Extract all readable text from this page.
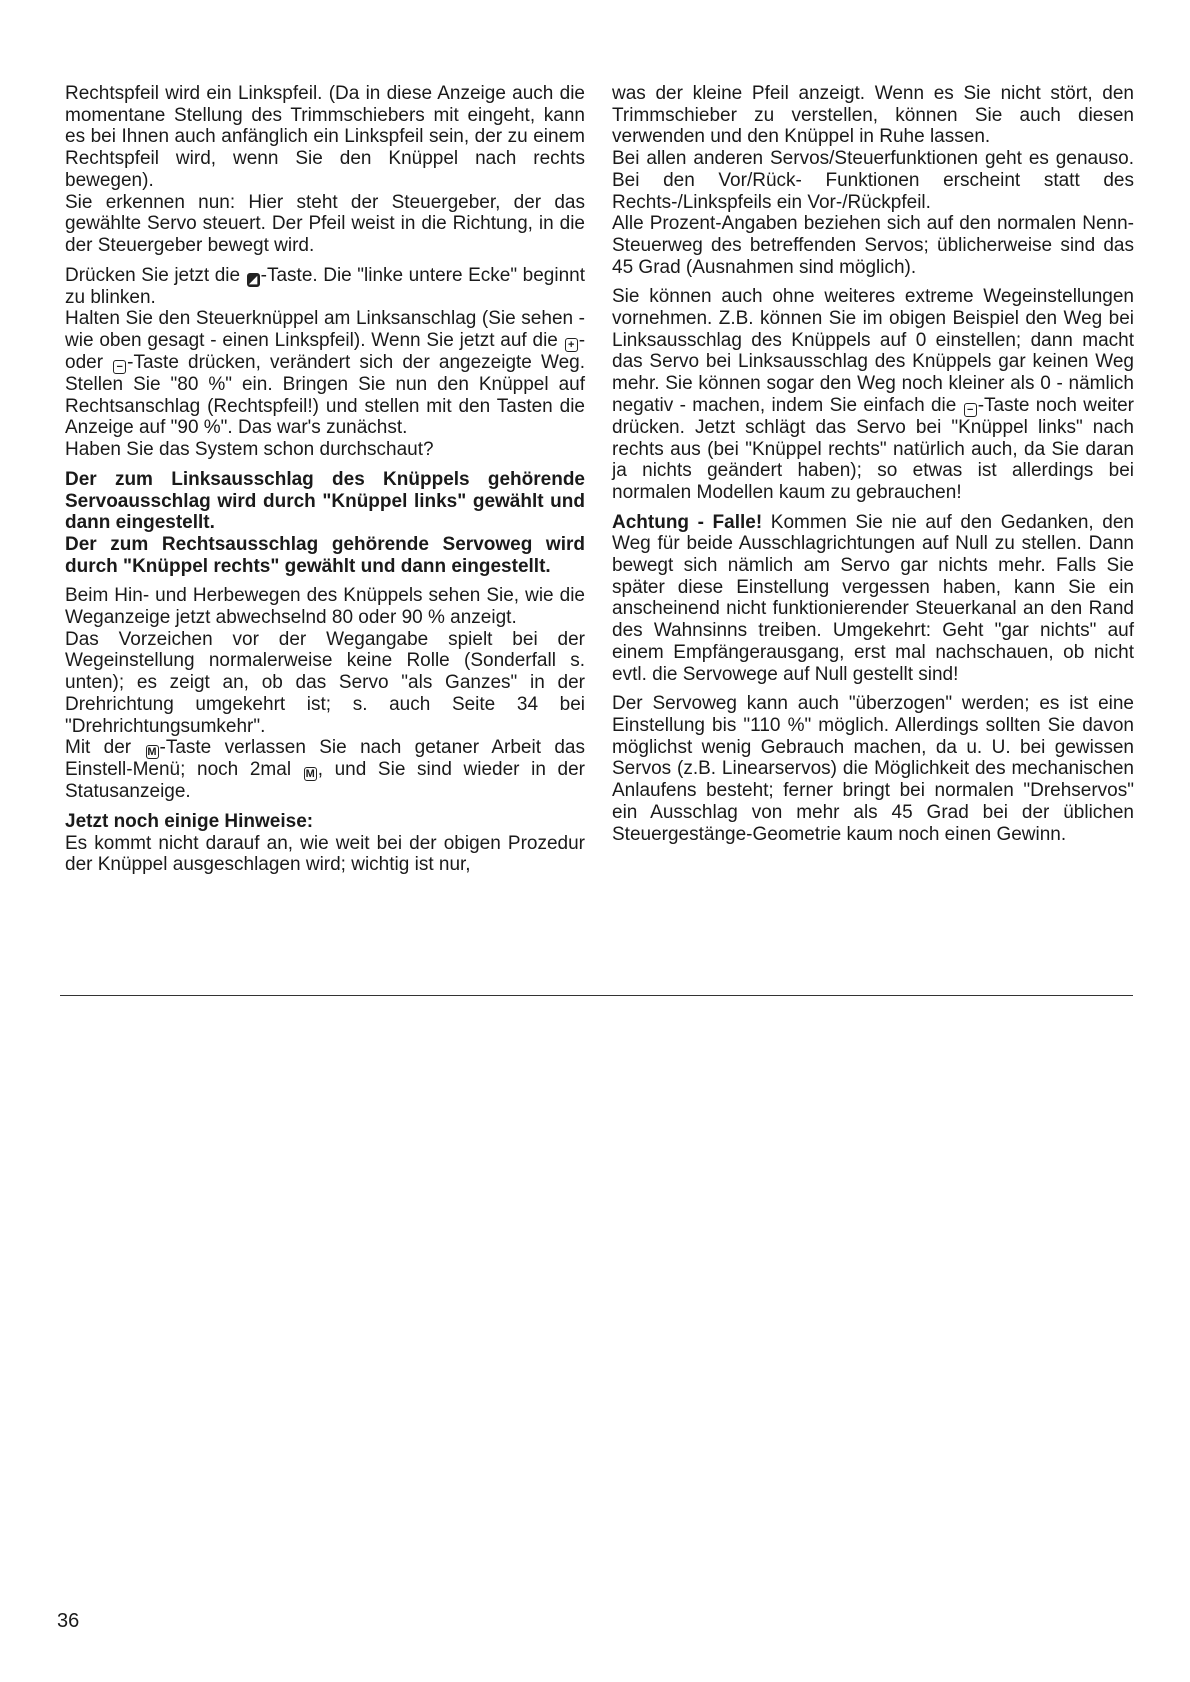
Rechtspfeil wird ein Linkspfeil. (Da in diese Anzeige auch die momentane Stellung des Trimmschiebers mit eingeht, kann es bei Ihnen auch anfänglich ein Linkspfeil sein, der zu einem Rechtspfeil wird, wenn Sie den Knüppel nach rechts bewegen).

Sie erkennen nun: Hier steht der Steuergeber, der das gewählte Servo steuert. Der Pfeil weist in die Richtung, in die der Steuergeber bewegt wird.

Drücken Sie jetzt die ◢ -Taste. Die "linke untere Ecke" beginnt zu blinken.

Halten Sie den Steuerknüppel am Linksanschlag (Sie sehen - wie oben gesagt - einen Linkspfeil). Wenn Sie jetzt auf die + - oder − -Taste drücken, verändert sich der angezeigte Weg. Stellen Sie "80 %" ein. Bringen Sie nun den Knüppel auf Rechtsanschlag (Rechtspfeil!) und stellen mit den Tasten die Anzeige auf "90 %". Das war's zunächst.

Haben Sie das System schon durchschaut?

Der zum Linksausschlag des Knüppels gehörende Servoausschlag wird durch "Knüppel links" gewählt und dann eingestellt.

Der zum Rechtsausschlag gehörende Servoweg wird durch "Knüppel rechts" gewählt und dann eingestellt.

Beim Hin- und Herbewegen des Knüppels sehen Sie, wie die Weganzeige jetzt abwechselnd 80 oder 90 % anzeigt.

Das Vorzeichen vor der Wegangabe spielt bei der Wegeinstellung normalerweise keine Rolle (Sonderfall s. unten); es zeigt an, ob das Servo "als Ganzes" in der Drehrichtung umgekehrt ist; s. auch Seite 34 bei "Drehrichtungsumkehr".

Mit der M -Taste verlassen Sie nach getaner Arbeit das Einstell-Menü; noch 2mal M , und Sie sind wieder in der Statusanzeige.

Jetzt noch einige Hinweise:

Es kommt nicht darauf an, wie weit bei der obigen Prozedur der Knüppel ausgeschlagen wird; wichtig ist nur,

was der kleine Pfeil anzeigt. Wenn es Sie nicht stört, den Trimmschieber zu verstellen, können Sie auch diesen verwenden und den Knüppel in Ruhe lassen.

Bei allen anderen Servos/Steuerfunktionen geht es genauso. Bei den Vor/Rück- Funktionen erscheint statt des Rechts-/Linkspfeils ein Vor-/Rückpfeil.

Alle Prozent-Angaben beziehen sich auf den normalen Nenn-Steuerweg des betreffenden Servos; üblicherweise sind das 45 Grad (Ausnahmen sind möglich).

Sie können auch ohne weiteres extreme Wegeinstellungen vornehmen. Z.B. können Sie im obigen Beispiel den Weg bei Linksausschlag des Knüppels auf 0 einstellen; dann macht das Servo bei Linksausschlag des Knüppels gar keinen Weg mehr. Sie können sogar den Weg noch kleiner als 0 - nämlich negativ - machen, indem Sie einfach die − -Taste noch weiter drücken. Jetzt schlägt das Servo bei "Knüppel links" nach rechts aus (bei "Knüppel rechts" natürlich auch, da Sie daran ja nichts geändert haben); so etwas ist allerdings bei normalen Modellen kaum zu gebrauchen!

Achtung - Falle! Kommen Sie nie auf den Gedanken, den Weg für beide Ausschlagrichtungen auf Null zu stellen. Dann bewegt sich nämlich am Servo gar nichts mehr. Falls Sie später diese Einstellung vergessen haben, kann Sie ein anscheinend nicht funktionierender Steuerkanal an den Rand des Wahnsinns treiben. Umgekehrt: Geht "gar nichts" auf einem Empfängerausgang, erst mal nachschauen, ob nicht evtl. die Servowege auf Null gestellt sind!

Der Servoweg kann auch "überzogen" werden; es ist eine Einstellung bis "110 %" möglich. Allerdings sollten Sie davon möglichst wenig Gebrauch machen, da u. U. bei gewissen Servos (z.B. Linearservos) die Möglichkeit des mechanischen Anlaufens besteht; ferner bringt bei normalen "Drehservos" ein Ausschlag von mehr als 45 Grad bei der üblichen Steuergestänge-Geometrie kaum noch einen Gewinn.

36
